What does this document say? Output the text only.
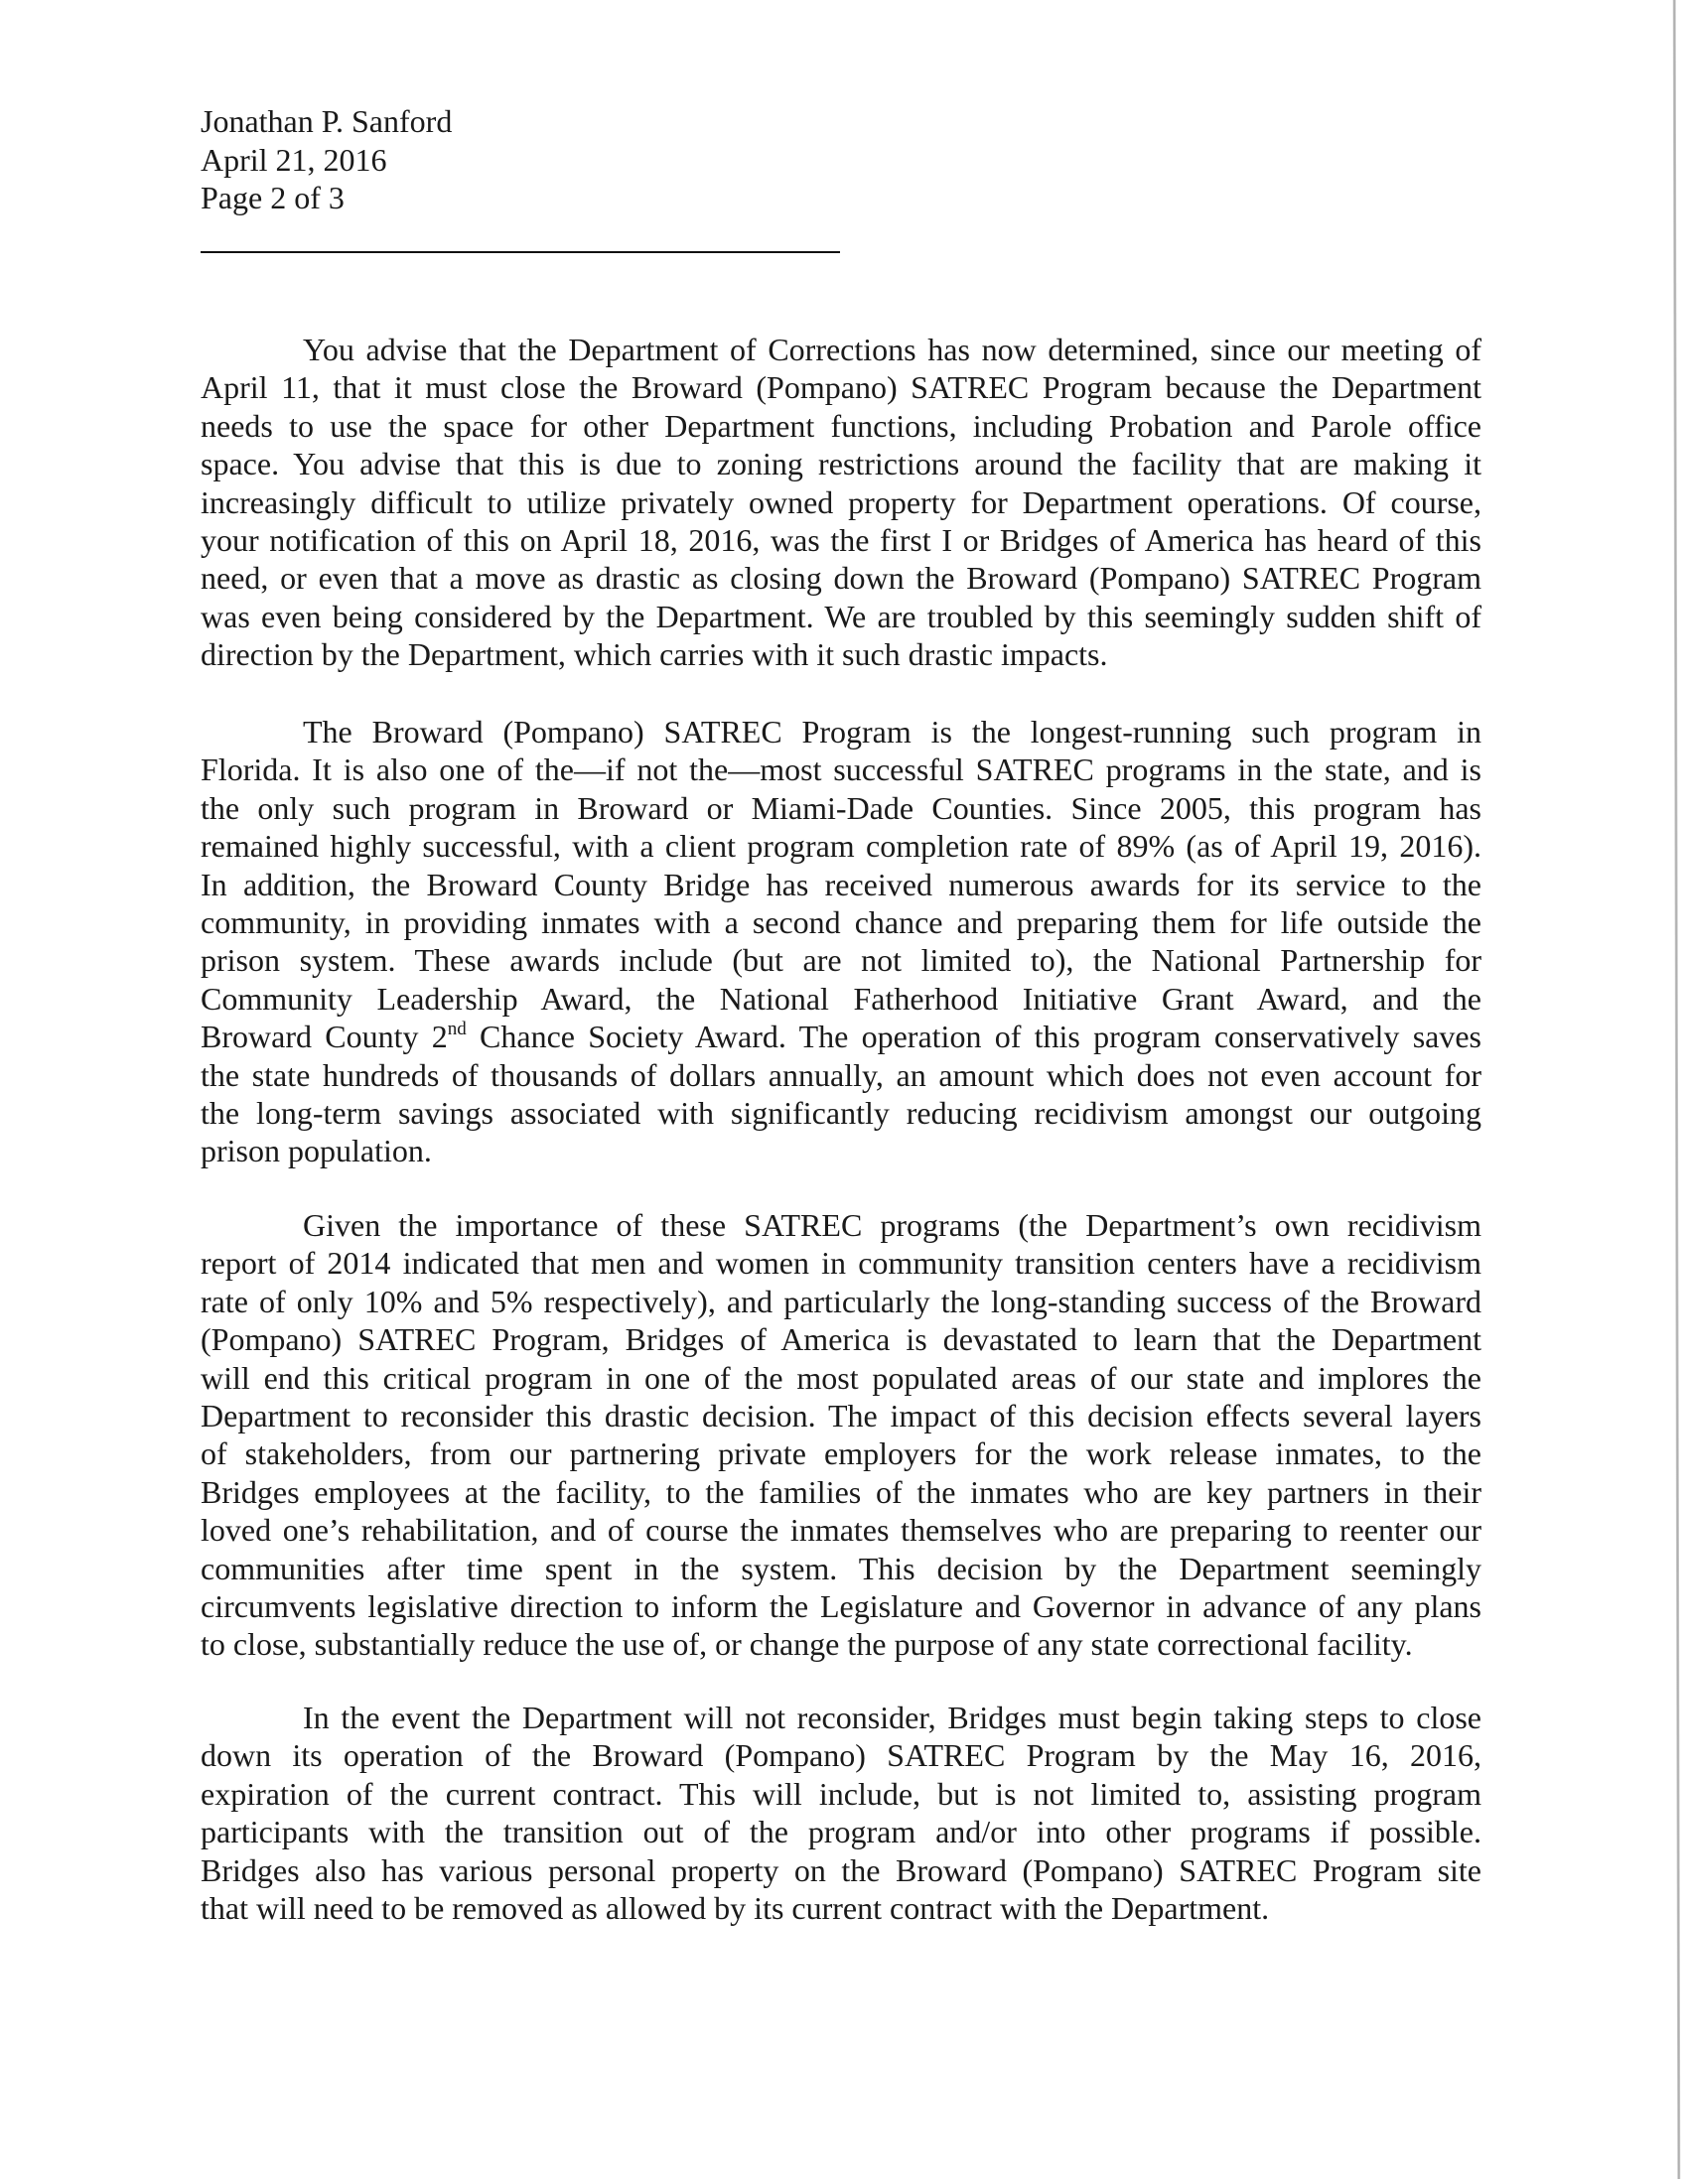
Jonathan P. Sanford
April 21, 2016
Page 2 of 3
You advise that the Department of Corrections has now determined, since our meeting of
April 11, that it must close the Broward (Pompano) SATREC Program because the Department
needs to use the space for other Department functions, including Probation and Parole office
space. You advise that this is due to zoning restrictions around the facility that are making it
increasingly difficult to utilize privately owned property for Department operations. Of course,
your notification of this on April 18, 2016, was the first I or Bridges of America has heard of this
need, or even that a move as drastic as closing down the Broward (Pompano) SATREC Program
was even being considered by the Department. We are troubled by this seemingly sudden shift of
direction by the Department, which carries with it such drastic impacts.
The Broward (Pompano) SATREC Program is the longest-running such program in
Florida. It is also one of the—if not the—most successful SATREC programs in the state, and is
the only such program in Broward or Miami-Dade Counties. Since 2005, this program has
remained highly successful, with a client program completion rate of 89% (as of April 19, 2016).
In addition, the Broward County Bridge has received numerous awards for its service to the
community, in providing inmates with a second chance and preparing them for life outside the
prison system. These awards include (but are not limited to), the National Partnership for
Community Leadership Award, the National Fatherhood Initiative Grant Award, and the
Broward County 2nd Chance Society Award. The operation of this program conservatively saves
the state hundreds of thousands of dollars annually, an amount which does not even account for
the long-term savings associated with significantly reducing recidivism amongst our outgoing
prison population.
Given the importance of these SATREC programs (the Department’s own recidivism
report of 2014 indicated that men and women in community transition centers have a recidivism
rate of only 10% and 5% respectively), and particularly the long-standing success of the Broward
(Pompano) SATREC Program, Bridges of America is devastated to learn that the Department
will end this critical program in one of the most populated areas of our state and implores the
Department to reconsider this drastic decision. The impact of this decision effects several layers
of stakeholders, from our partnering private employers for the work release inmates, to the
Bridges employees at the facility, to the families of the inmates who are key partners in their
loved one’s rehabilitation, and of course the inmates themselves who are preparing to reenter our
communities after time spent in the system. This decision by the Department seemingly
circumvents legislative direction to inform the Legislature and Governor in advance of any plans
to close, substantially reduce the use of, or change the purpose of any state correctional facility.
In the event the Department will not reconsider, Bridges must begin taking steps to close
down its operation of the Broward (Pompano) SATREC Program by the May 16, 2016,
expiration of the current contract. This will include, but is not limited to, assisting program
participants with the transition out of the program and/or into other programs if possible.
Bridges also has various personal property on the Broward (Pompano) SATREC Program site
that will need to be removed as allowed by its current contract with the Department.
